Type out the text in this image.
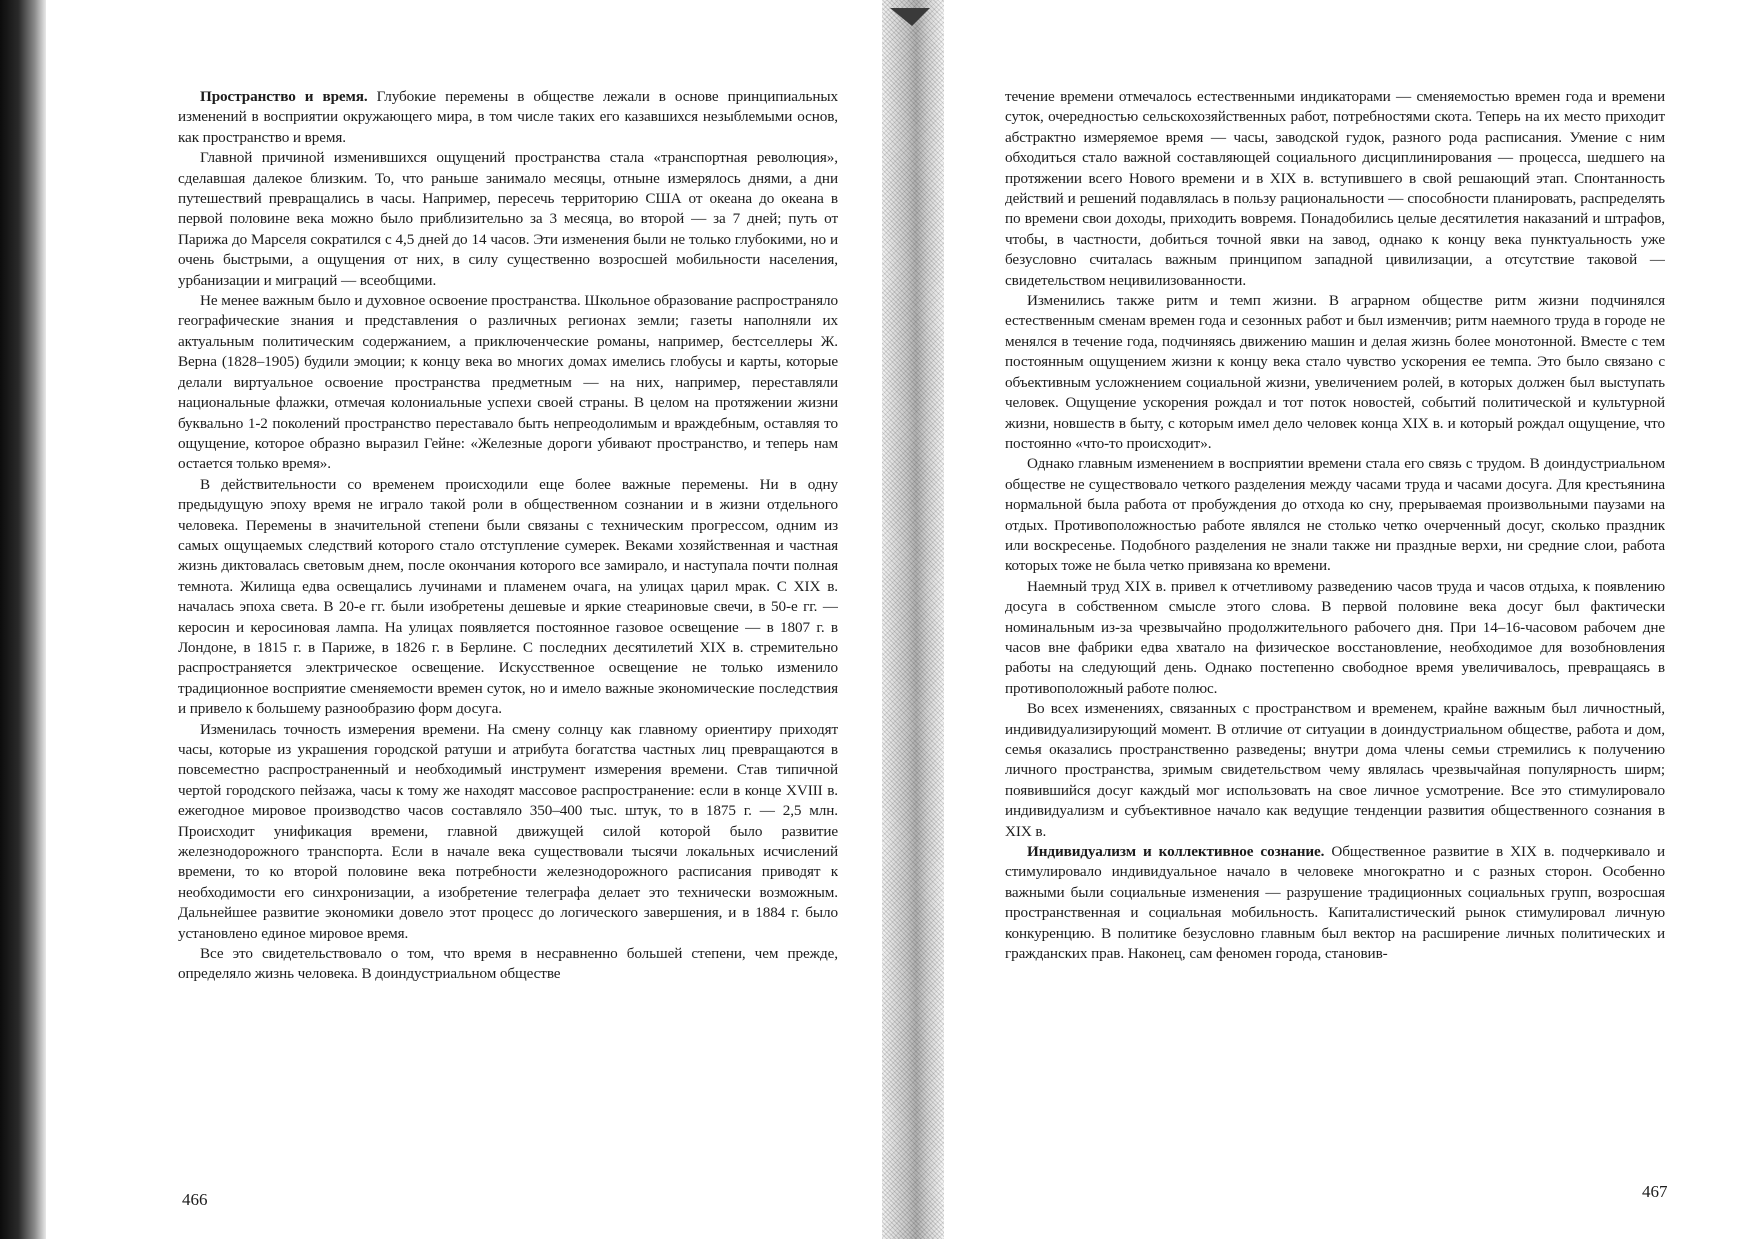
Пространство и время. Глубокие перемены в обществе лежали в основе принципиальных изменений в восприятии окружающего мира, в том числе таких его казавшихся незыблемыми основ, как пространство и время.

Главной причиной изменившихся ощущений пространства стала «транспортная революция», сделавшая далекое близким. То, что раньше занимало месяцы, отныне измерялось днями, а дни путешествий превращались в часы. Например, пересечь территорию США от океана до океана в первой половине века можно было приблизительно за 3 месяца, во второй — за 7 дней; путь от Парижа до Марселя сократился с 4,5 дней до 14 часов. Эти изменения были не только глубокими, но и очень быстрыми, а ощущения от них, в силу существенно возросшей мобильности населения, урбанизации и миграций — всеобщими.

Не менее важным было и духовное освоение пространства. Школьное образование распространяло географические знания и представления о различных регионах земли; газеты наполняли их актуальным политическим содержанием, а приключенческие романы, например, бестселлеры Ж. Верна (1828–1905) будили эмоции; к концу века во многих домах имелись глобусы и карты, которые делали виртуальное освоение пространства предметным — на них, например, переставляли национальные флажки, отмечая колониальные успехи своей страны. В целом на протяжении жизни буквально 1-2 поколений пространство переставало быть непреодолимым и враждебным, оставляя то ощущение, которое образно выразил Гейне: «Железные дороги убивают пространство, и теперь нам остается только время».

В действительности со временем происходили еще более важные перемены. Ни в одну предыдущую эпоху время не играло такой роли в общественном сознании и в жизни отдельного человека. Перемены в значительной степени были связаны с техническим прогрессом, одним из самых ощущаемых следствий которого стало отступление сумерек. Веками хозяйственная и частная жизнь диктовалась световым днем, после окончания которого все замирало, и наступала почти полная темнота. Жилища едва освещались лучинами и пламенем очага, на улицах царил мрак. С XIX в. началась эпоха света. В 20-е гг. были изобретены дешевые и яркие стеариновые свечи, в 50-е гг. — керосин и керосиновая лампа. На улицах появляется постоянное газовое освещение — в 1807 г. в Лондоне, в 1815 г. в Париже, в 1826 г. в Берлине. С последних десятилетий XIX в. стремительно распространяется электрическое освещение. Искусственное освещение не только изменило традиционное восприятие сменяемости времен суток, но и имело важные экономические последствия и привело к большему разнообразию форм досуга.

Изменилась точность измерения времени. На смену солнцу как главному ориентиру приходят часы, которые из украшения городской ратуши и атрибута богатства частных лиц превращаются в повсеместно распространенный и необходимый инструмент измерения времени. Став типичной чертой городского пейзажа, часы к тому же находят массовое распространение: если в конце XVIII в. ежегодное мировое производство часов составляло 350–400 тыс. штук, то в 1875 г. — 2,5 млн. Происходит унификация времени, главной движущей силой которой было развитие железнодорожного транспорта. Если в начале века существовали тысячи локальных исчислений времени, то ко второй половине века потребности железнодорожного расписания приводят к необходимости его синхронизации, а изобретение телеграфа делает это технически возможным. Дальнейшее развитие экономики довело этот процесс до логического завершения, и в 1884 г. было установлено единое мировое время.

Все это свидетельствовало о том, что время в несравненно большей степени, чем прежде, определяло жизнь человека. В доиндустриальном обществе

течение времени отмечалось естественными индикаторами — сменяемостью времен года и времени суток, очередностью сельскохозяйственных работ, потребностями скота. Теперь на их место приходит абстрактно измеряемое время — часы, заводской гудок, разного рода расписания. Умение с ним обходиться стало важной составляющей социального дисциплинирования — процесса, шедшего на протяжении всего Нового времени и в XIX в. вступившего в свой решающий этап. Спонтанность действий и решений подавлялась в пользу рациональности — способности планировать, распределять по времени свои доходы, приходить вовремя. Понадобились целые десятилетия наказаний и штрафов, чтобы, в частности, добиться точной явки на завод, однако к концу века пунктуальность уже безусловно считалась важным принципом западной цивилизации, а отсутствие таковой — свидетельством нецивилизованности.

Изменились также ритм и темп жизни. В аграрном обществе ритм жизни подчинялся естественным сменам времен года и сезонных работ и был изменчив; ритм наемного труда в городе не менялся в течение года, подчиняясь движению машин и делая жизнь более монотонной. Вместе с тем постоянным ощущением жизни к концу века стало чувство ускорения ее темпа. Это было связано с объективным усложнением социальной жизни, увеличением ролей, в которых должен был выступать человек. Ощущение ускорения рождал и тот поток новостей, событий политической и культурной жизни, новшеств в быту, с которым имел дело человек конца XIX в. и который рождал ощущение, что постоянно «что-то происходит».

Однако главным изменением в восприятии времени стала его связь с трудом. В доиндустриальном обществе не существовало четкого разделения между часами труда и часами досуга. Для крестьянина нормальной была работа от пробуждения до отхода ко сну, прерываемая произвольными паузами на отдых. Противоположностью работе являлся не столько четко очерченный досуг, сколько праздник или воскресенье. Подобного разделения не знали также ни праздные верхи, ни средние слои, работа которых тоже не была четко привязана ко времени.

Наемный труд XIX в. привел к отчетливому разведению часов труда и часов отдыха, к появлению досуга в собственном смысле этого слова. В первой половине века досуг был фактически номинальным из-за чрезвычайно продолжительного рабочего дня. При 14–16-часовом рабочем дне часов вне фабрики едва хватало на физическое восстановление, необходимое для возобновления работы на следующий день. Однако постепенно свободное время увеличивалось, превращаясь в противоположный работе полюс.

Во всех изменениях, связанных с пространством и временем, крайне важным был личностный, индивидуализирующий момент. В отличие от ситуации в доиндустриальном обществе, работа и дом, семья оказались пространственно разведены; внутри дома члены семьи стремились к получению личного пространства, зримым свидетельством чему являлась чрезвычайная популярность ширм; появившийся досуг каждый мог использовать на свое личное усмотрение. Все это стимулировало индивидуализм и субъективное начало как ведущие тенденции развития общественного сознания в XIX в.

Индивидуализм и коллективное сознание. Общественное развитие в XIX в. подчеркивало и стимулировало индивидуальное начало в человеке многократно и с разных сторон. Особенно важными были социальные изменения — разрушение традиционных социальных групп, возросшая пространственная и социальная мобильность. Капиталистический рынок стимулировал личную конкуренцию. В политике безусловно главным был вектор на расширение личных политических и гражданских прав. Наконец, сам феномен города, становив-

466	467
